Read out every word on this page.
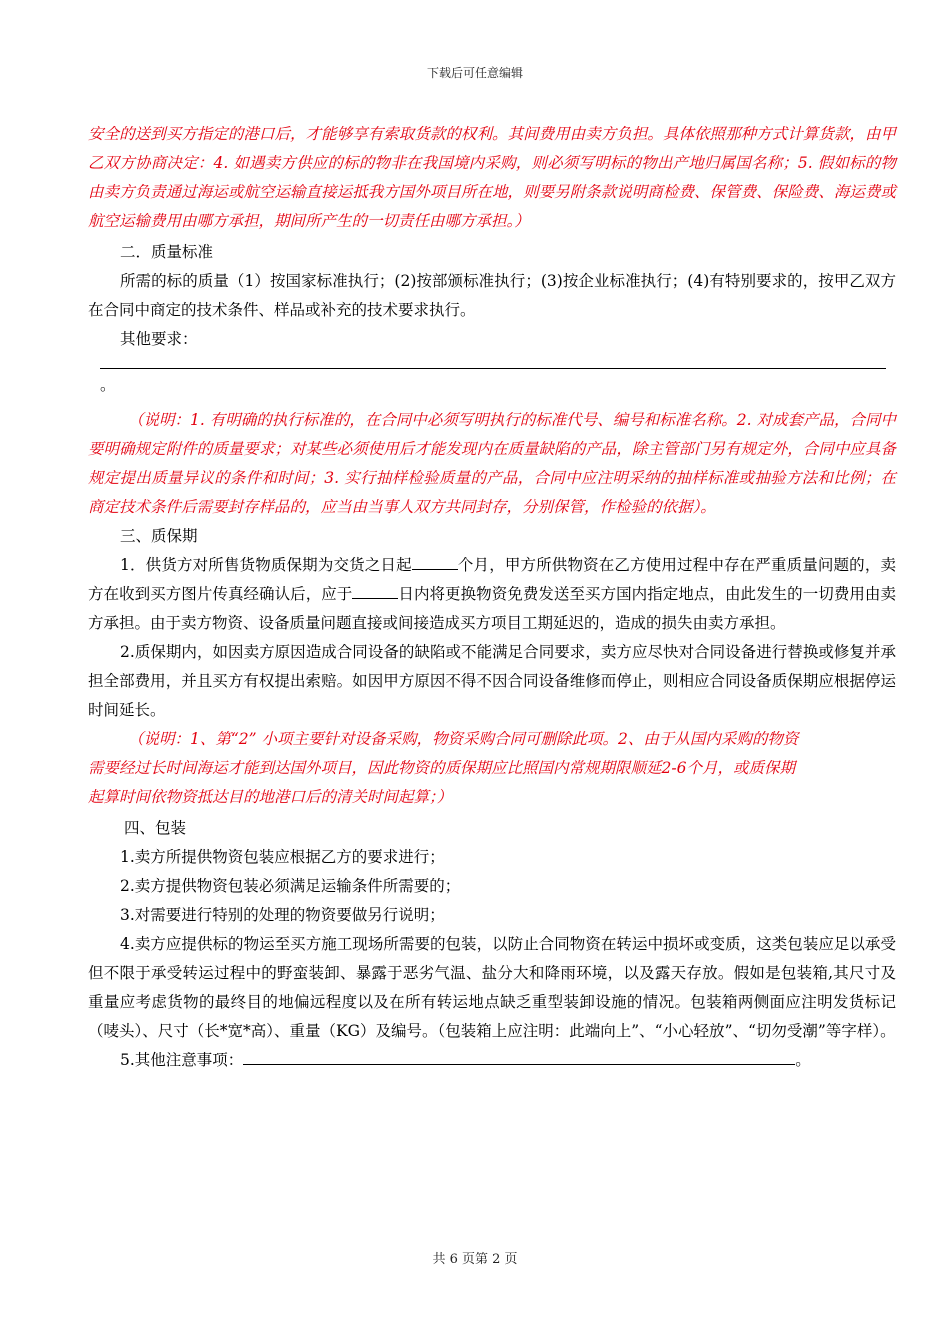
下载后可任意编辑

安全的送到买方指定的港口后，才能够享有索取货款的权利。其间费用由卖方负担。具体依照那种方式计算货款，由甲乙双方协商决定：4. 如遇卖方供应的标的物非在我国境内采购，则必须写明标的物出产地归属国名称；5. 假如标的物由卖方负责通过海运或航空运输直接运抵我方国外项目所在地，则要另附条款说明商检费、保管费、保险费、海运费或航空运输费用由哪方承担，期间所产生的一切责任由哪方承担。）

二．质量标准

所需的标的质量（1）按国家标准执行；(2)按部颁标准执行；(3)按企业标准执行；(4)有特别要求的，按甲乙双方在合同中商定的技术条件、样品或补充的技术要求执行。

其他要求：

。

（说明：1. 有明确的执行标准的，在合同中必须写明执行的标准代号、编号和标准名称。2. 对成套产品，合同中要明确规定附件的质量要求；对某些必须使用后才能发现内在质量缺陷的产品，除主管部门另有规定外，合同中应具备规定提出质量异议的条件和时间；3. 实行抽样检验质量的产品，合同中应注明采纳的抽样标准或抽验方法和比例；在商定技术条件后需要封存样品的，应当由当事人双方共同封存，分别保管，作检验的依据）。

三、质保期

1．供货方对所售货物质保期为交货之日起	个月，甲方所供物资在乙方使用过程中存在严重质量问题的，卖方在收到买方图片传真经确认后，应于	日内将更换物资免费发送至买方国内指定地点，由此发生的一切费用由卖方承担。由于卖方物资、设备质量问题直接或间接造成买方项目工期延迟的，造成的损失由卖方承担。

2.质保期内，如因卖方原因造成合同设备的缺陷或不能满足合同要求，卖方应尽快对合同设备进行替换或修复并承担全部费用，并且买方有权提出索赔。如因甲方原因不得不因合同设备维修而停止，则相应合同设备质保期应根据停运时间延长。

（说明：1、第“2” 小项主要针对设备采购，物资采购合同可删除此项。2、由于从国内采购的物资

需要经过长时间海运才能到达国外项目，因此物资的质保期应比照国内常规期限顺延2-6个月，或质保期

起算时间依物资抵达目的地港口后的清关时间起算；）

四、包装

1.卖方所提供物资包装应根据乙方的要求进行；

2.卖方提供物资包装必须满足运输条件所需要的；

3.对需要进行特别的处理的物资要做另行说明；

4.卖方应提供标的物运至买方施工现场所需要的包装，以防止合同物资在转运中损坏或变质，这类包装应足以承受但不限于承受转运过程中的野蛮装卸、暴露于恶劣气温、盐分大和降雨环境，以及露天存放。假如是包装箱,其尺寸及重量应考虑货物的最终目的地偏远程度以及在所有转运地点缺乏重型装卸设施的情况。包装箱两侧面应注明发货标记（唛头）、尺寸（长*宽*高）、重量（KG）及编号。（包装箱上应注明：此端向上”、“小心轻放”、“切勿受潮”等字样）。

5.其他注意事项：	。

共 6 页第 2 页
